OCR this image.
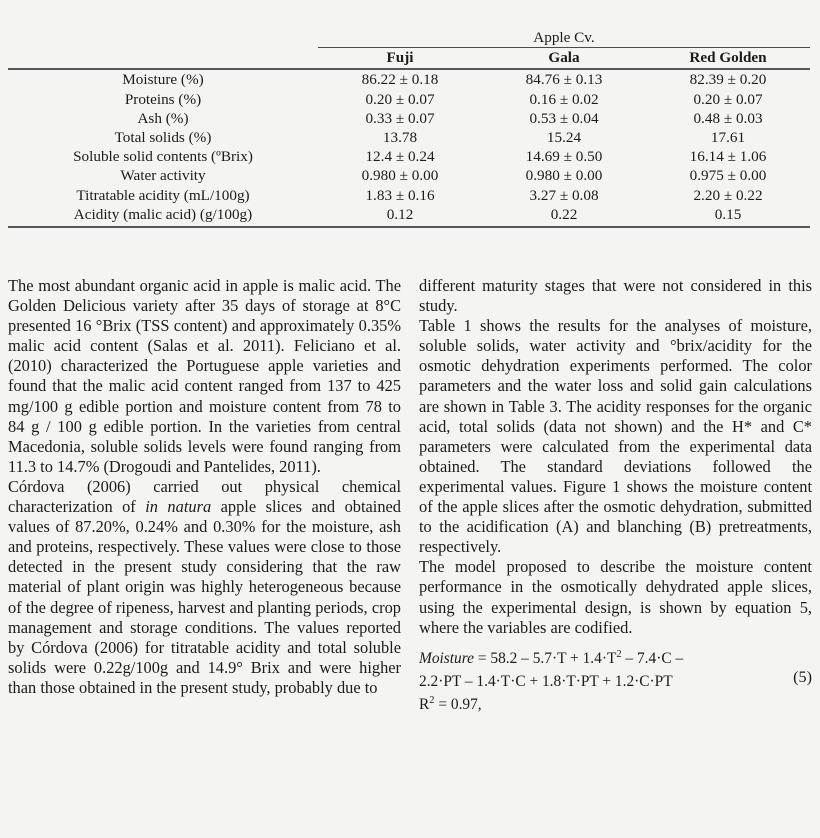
	Apple Cv.		
	Fuji	Gala	Red Golden
Moisture (%)	86.22 ± 0.18	84.76 ± 0.13	82.39 ± 0.20
Proteins (%)	0.20 ± 0.07	0.16 ± 0.02	0.20 ± 0.07
Ash (%)	0.33 ± 0.07	0.53 ± 0.04	0.48 ± 0.03
Total solids (%)	13.78	15.24	17.61
Soluble solid contents (ºBrix)	12.4 ± 0.24	14.69 ± 0.50	16.14 ± 1.06
Water activity	0.980 ± 0.00	0.980 ± 0.00	0.975 ± 0.00
Titratable acidity (mL/100g)	1.83 ± 0.16	3.27 ± 0.08	2.20 ± 0.22
Acidity (malic acid) (g/100g)	0.12	0.22	0.15

The most abundant organic acid in apple is malic acid. The Golden Delicious variety after 35 days of storage at 8°C presented 16 °Brix (TSS content) and approximately 0.35% malic acid content (Salas et al. 2011). Feliciano et al. (2010) characterized the Portuguese apple varieties and found that the malic acid content ranged from 137 to 425 mg/100 g edible portion and moisture content from 78 to 84 g / 100 g edible portion. In the varieties from central Macedonia, soluble solids levels were found ranging from 11.3 to 14.7% (Drogoudi and Pantelides, 2011).

Córdova (2006) carried out physical chemical characterization of in natura apple slices and obtained values of 87.20%, 0.24% and 0.30% for the moisture, ash and proteins, respectively. These values were close to those detected in the present study considering that the raw material of plant origin was highly heterogeneous because of the degree of ripeness, harvest and planting periods, crop management and storage conditions. The values reported by Córdova (2006) for titratable acidity and total soluble solids were 0.22g/100g and 14.9° Brix and were higher than those obtained in the present study, probably due to

different maturity stages that were not considered in this study.

Table 1 shows the results for the analyses of moisture, soluble solids, water activity and °brix/acidity for the osmotic dehydration experiments performed. The color parameters and the water loss and solid gain calculations are shown in Table 3. The acidity responses for the organic acid, total solids (data not shown) and the H* and C* parameters were calculated from the experimental data obtained. The standard deviations followed the experimental values. Figure 1 shows the moisture content of the apple slices after the osmotic dehydration, submitted to the acidification (A) and blanching (B) pretreatments, respectively.

The model proposed to describe the moisture content performance in the osmotically dehydrated apple slices, using the experimental design, is shown by equation 5, where the variables are codified.

Moisture = $58.2 - 5.7\cdot T + 1.4\cdot T^2 - 7.4\cdot C$ –
2.2·PT – 1.4·T·C + 1.8·T·PT + 1.2·C·PT
$R^2 = 0.97$,
(5)
